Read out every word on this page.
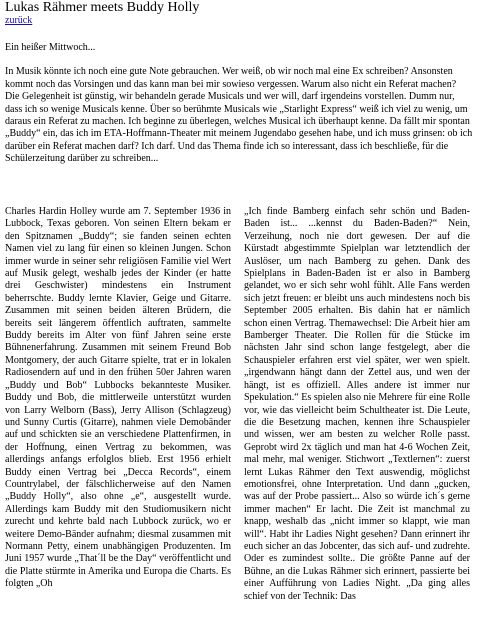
Lukas Rähmer meets Buddy Holly
zurück

Ein heißer Mittwoch...

In Musik könnte ich noch eine gute Note gebrauchen. Wer weiß, ob wir noch mal eine Ex schreiben? Ansonsten kommt noch das Vorsingen und das kann man bei mir sowieso vergessen. Warum also nicht ein Referat machen? Die Gelegenheit ist günstig, wir behandeln gerade Musicals und wer will, darf irgendeins vorstellen. Dumm nur, dass ich so wenige Musicals kenne. Über so berühmte Musicals wie „Starlight Express“ weiß ich viel zu wenig, um daraus ein Referat zu machen. Ich beginne zu überlegen, welches Musical ich überhaupt kenne. Da fällt mir spontan „Buddy“ ein, das ich im ETA-Hoffmann-Theater mit meinem Jugendabo gesehen habe, und ich muss grinsen: ob ich darüber ein Referat machen darf? Ich darf. Und das Thema finde ich so interessant, dass ich beschließe, für die Schülerzeitung darüber zu schreiben...

Charles Hardin Holley wurde am 7. September 1936 in Lubbock, Texas geboren. Von seinen Eltern bekam er den Spitznamen „Buddy“; sie fanden seinen echten Namen viel zu lang für einen so kleinen Jungen. Schon immer wurde in seiner sehr religiösen Familie viel Wert auf Musik gelegt, weshalb jedes der Kinder (er hatte drei Geschwister) mindestens ein Instrument beherrschte. Buddy lernte Klavier, Geige und Gitarre. Zusammen mit seinen beiden älteren Brüdern, die bereits seit längerem öffentlich auftraten, sammelte Buddy bereits im Alter von fünf Jahren seine erste Bühnenerfahrung. Zusammen mit seinem Freund Bob Montgomery, der auch Gitarre spielte, trat er in lokalen Radiosendern auf und in den frühen 50er Jahren waren „Buddy und Bob“ Lubbocks bekannteste Musiker. Buddy und Bob, die mittlerweile unterstützt wurden von Larry Welborn (Bass), Jerry Allison (Schlagzeug) und Sunny Curtis (Gitarre), nahmen viele Demobänder auf und schickten sie an verschiedene Plattenfirmen, in der Hoffnung, einen Vertrag zu bekommen, was allerdings anfangs erfolglos blieb. Erst 1956 erhielt Buddy einen Vertrag bei „Decca Records“, einem Countrylabel, der fälschlicherweise auf den Namen „Buddy Holly“, also ohne „e“, ausgestellt wurde. Allerdings kam Buddy mit den Studiomusikern nicht zurecht und kehrte bald nach Lubbock zurück, wo er weitere Demo-Bänder aufnahm; diesmal zusammen mit Normann Petty, einem unabhängigen Produzenten. Im Juni 1957 wurde „That´ll be the Day“ veröffentlicht und die Platte stürmte in Amerika und Europa die Charts. Es folgten „Oh
„Ich finde Bamberg einfach sehr schön und Baden-Baden ist... ...kennst du Baden-Baden?“ Nein, Verzeihung, noch nie dort gewesen. Der auf die Kürstadt abgestimmte Spielplan war letztendlich der Auslöser, um nach Bamberg zu gehen. Dank des Spielplans in Baden-Baden ist er also in Bamberg gelandet, wo er sich sehr wohl fühlt. Alle Fans werden sich jetzt freuen: er bleibt uns auch mindestens noch bis September 2005 erhalten. Bis dahin hat er nämlich schon einen Vertrag. Themawechsel: Die Arbeit hier am Bamberger Theater. Die Rollen für die Stücke im nächsten Jahr sind schon lange festgelegt, aber die Schauspieler erfahren erst viel später, wer wen spielt. „irgendwann hängt dann der Zettel aus, und wen der hängt, ist es offiziell. Alles andere ist immer nur Spekulation.“ Es spielen also nie Mehrere für eine Rolle vor, wie das vielleicht beim Schultheater ist. Die Leute, die die Besetzung machen, kennen ihre Schauspieler und wissen, wer am besten zu welcher Rolle passt. Geprobt wird 2x täglich und man hat 4-6 Wochen Zeit, mal mehr, mal weniger. Stichwort „Textlernen“: zuerst lernt Lukas Rähmer den Text auswendig, möglichst emotionsfrei, ohne Interpretation. Und dann „gucken, was auf der Probe passiert... Also so würde ich´s gerne immer machen“ Er lacht. Die Zeit ist manchmal zu knapp, weshalb das „nicht immer so klappt, wie man will“. Habt ihr Ladies Night gesehen? Dann erinnert ihr euch sicher an das Jobcenter, das sich auf- und zudrehte. Oder es zumindest sollte.. Die größte Panne auf der Bühne, an die Lukas Rähmer sich erinnert, passierte bei einer Aufführung von Ladies Night. „Da ging alles schief von der Technik: Das
